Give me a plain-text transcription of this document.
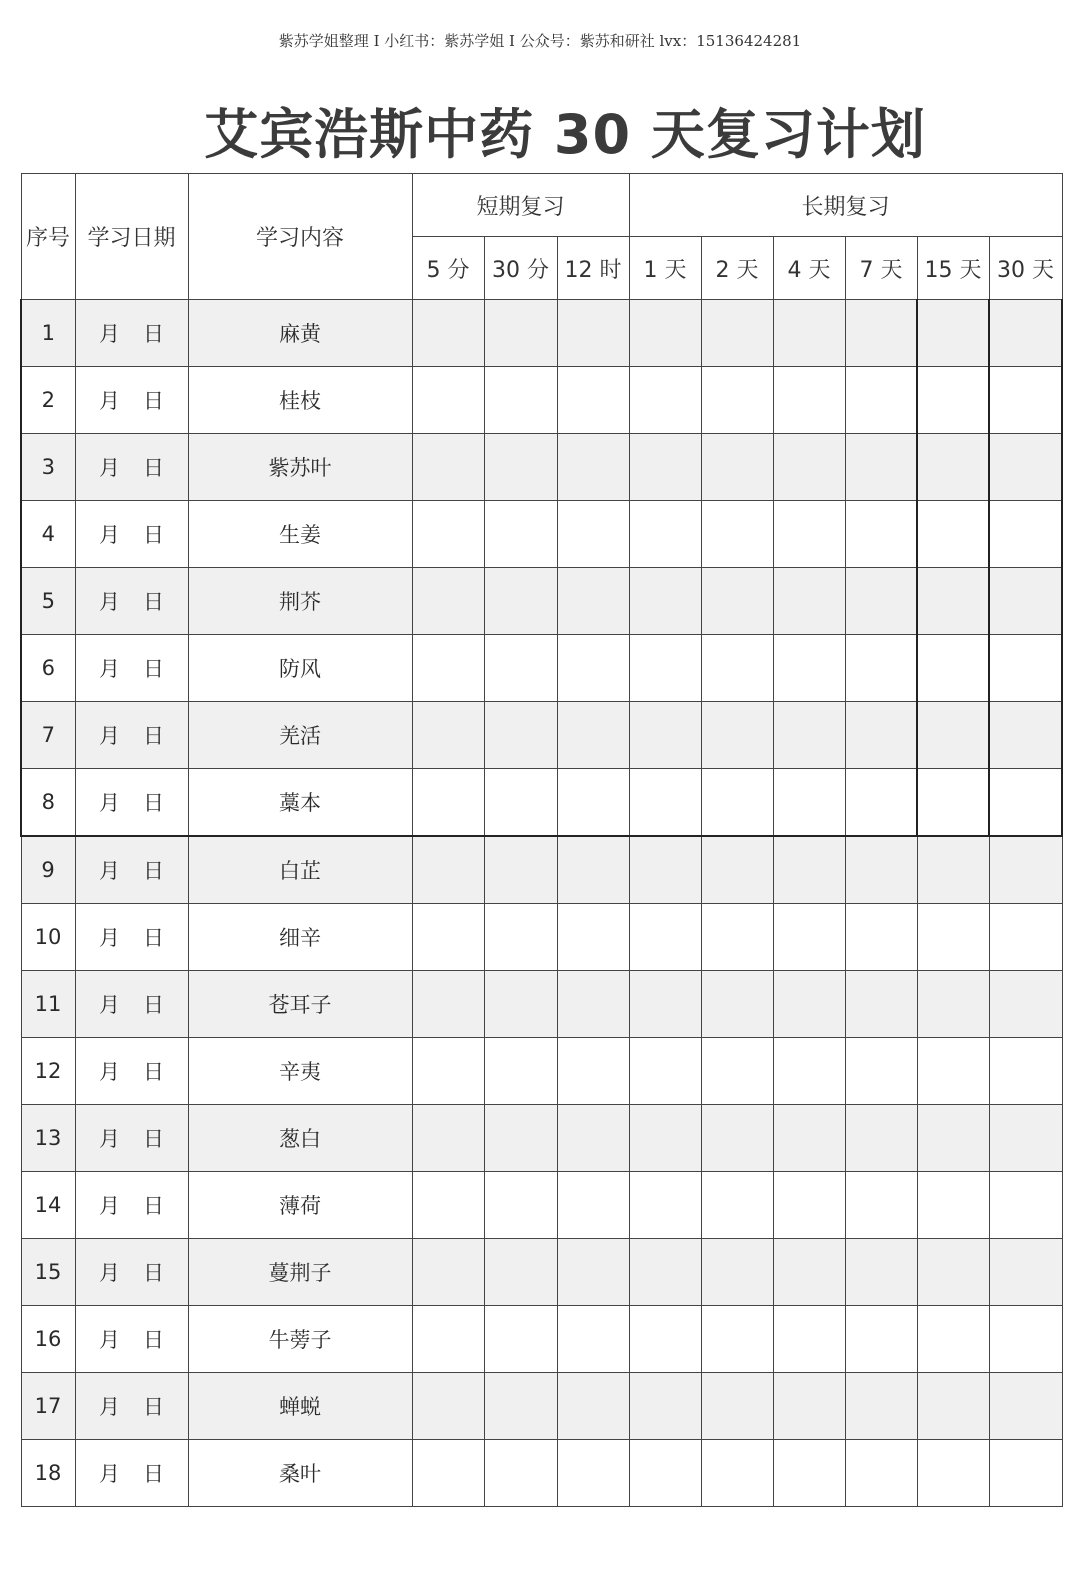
紫苏学姐整理 I 小红书：紫苏学姐 I 公众号：紫苏和研社 lvx：15136424281
艾宾浩斯中药 30 天复习计划
序号	学习日期	学习内容	短期复习			长期复习					
			5 分	30 分	12 时	1 天	2 天	4 天	7 天	15 天	30 天
1	月 日	麻黄									
2	月 日	桂枝									
3	月 日	紫苏叶									
4	月 日	生姜									
5	月 日	荆芥									
6	月 日	防风									
7	月 日	羌活									
8	月 日	藁本									
9	月 日	白芷									
10	月 日	细辛									
11	月 日	苍耳子									
12	月 日	辛夷									
13	月 日	葱白									
14	月 日	薄荷									
15	月 日	蔓荆子									
16	月 日	牛蒡子									
17	月 日	蝉蜕									
18	月 日	桑叶									
